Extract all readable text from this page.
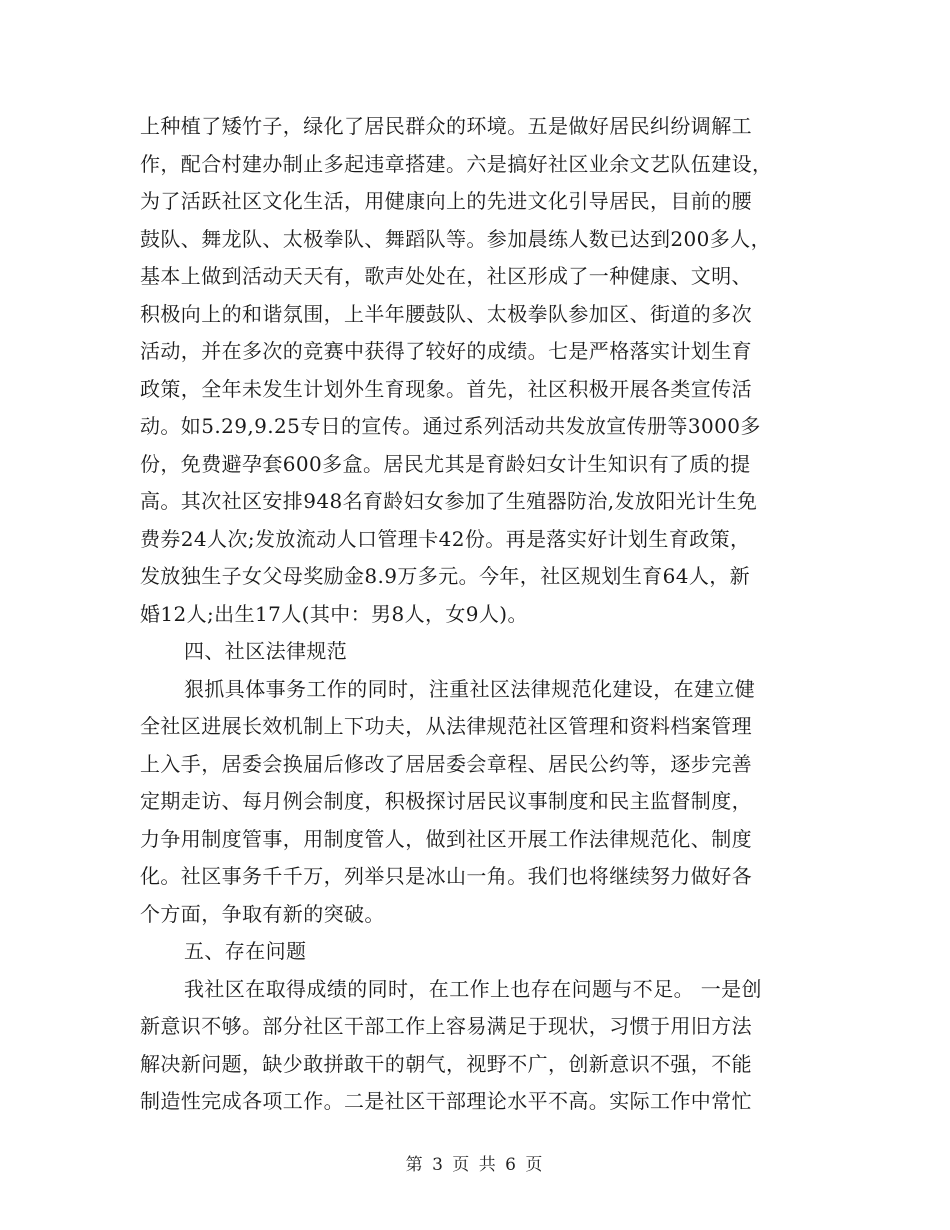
上种植了矮竹子，绿化了居民群众的环境。五是做好居民纠纷调解工
作，配合村建办制止多起违章搭建。六是搞好社区业余文艺队伍建设，
为了活跃社区文化生活，用健康向上的先进文化引导居民，目前的腰
鼓队、舞龙队、太极拳队、舞蹈队等。参加晨练人数已达到200多人，
基本上做到活动天天有，歌声处处在，社区形成了一种健康、文明、
积极向上的和谐氛围，上半年腰鼓队、太极拳队参加区、街道的多次
活动，并在多次的竞赛中获得了较好的成绩。七是严格落实计划生育
政策，全年未发生计划外生育现象。首先，社区积极开展各类宣传活
动。如5.29,9.25专日的宣传。通过系列活动共发放宣传册等3000多
份，免费避孕套600多盒。居民尤其是育龄妇女计生知识有了质的提
高。其次社区安排948名育龄妇女参加了生殖器防治,发放阳光计生免
费券24人次;发放流动人口管理卡42份。再是落实好计划生育政策，
发放独生子女父母奖励金8.9万多元。今年，社区规划生育64人，新
婚12人;出生17人(其中：男8人，女9人)。
四、社区法律规范
狠抓具体事务工作的同时，注重社区法律规范化建设，在建立健
全社区进展长效机制上下功夫，从法律规范社区管理和资料档案管理
上入手，居委会换届后修改了居居委会章程、居民公约等，逐步完善
定期走访、每月例会制度，积极探讨居民议事制度和民主监督制度，
力争用制度管事，用制度管人，做到社区开展工作法律规范化、制度
化。社区事务千千万，列举只是冰山一角。我们也将继续努力做好各
个方面，争取有新的突破。
五、存在问题
我社区在取得成绩的同时，在工作上也存在问题与不足。 一是创
新意识不够。部分社区干部工作上容易满足于现状，习惯于用旧方法
解决新问题，缺少敢拼敢干的朝气，视野不广，创新意识不强，不能
制造性完成各项工作。二是社区干部理论水平不高。实际工作中常忙
第 3 页 共 6 页
